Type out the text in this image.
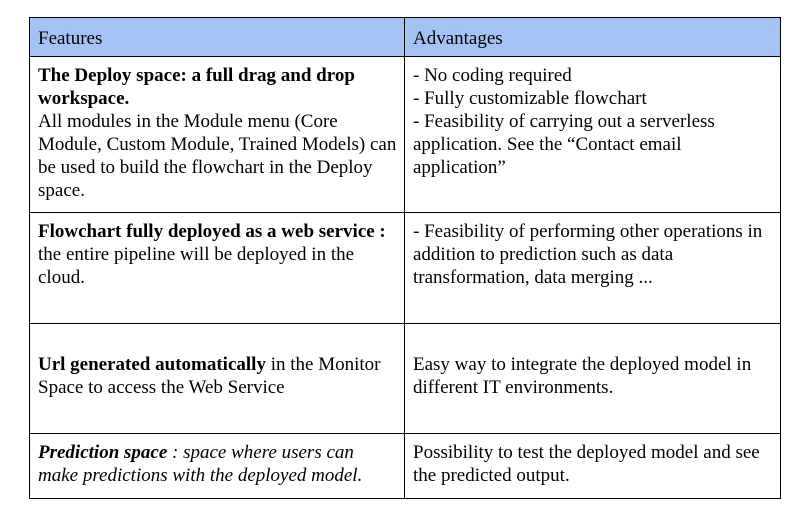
Features	Advantages

The Deploy space: a full drag and drop workspace.
All modules in the Module menu (Core Module, Custom Module, Trained Models) can be used to build the flowchart in the Deploy space.	- No coding required
- Fully customizable flowchart
- Feasibility of carrying out a serverless application. See the “Contact email application”

Flowchart fully deployed as a web service : the entire pipeline will be deployed in the cloud.	- Feasibility of performing other operations in addition to prediction such as data transformation, data merging ...

Url generated automatically in the Monitor Space to access the Web Service	Easy way to integrate the deployed model in different IT environments.

Prediction space : space where users can make predictions with the deployed model.	Possibility to test the deployed model and see the predicted output.
